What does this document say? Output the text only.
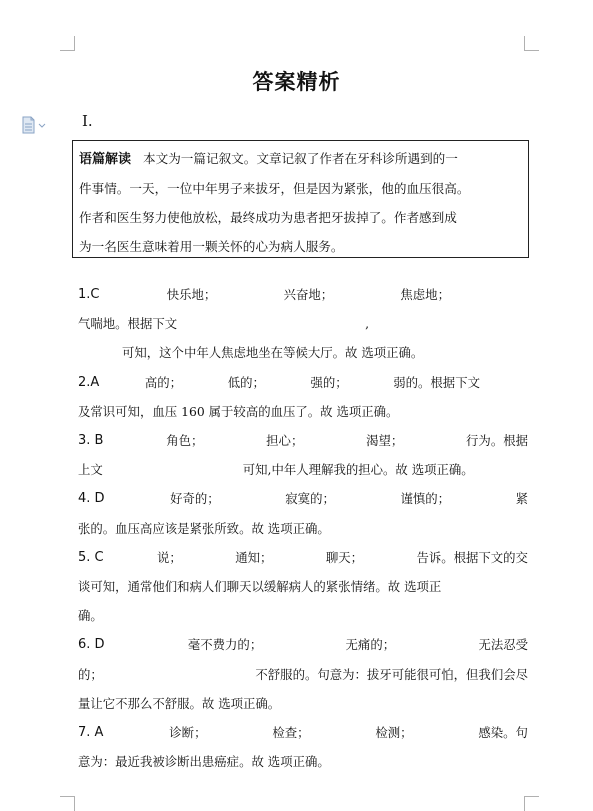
答案精析
Ⅰ.
语篇解读 本文为一篇记叙文。文章记叙了作者在牙科诊所遇到的一
件事情。一天，一位中年男子来拔牙，但是因为紧张，他的血压很高。
作者和医生努力使他放松，最终成功为患者把牙拔掉了。作者感到成
为一名医生意味着用一颗关怀的心为病人服务。
1.C	快乐地；	兴奋地；	焦虑地；
气喘地。根据下文	,
可知，这个中年人焦虑地坐在等候大厅。故 选项正确。
2.A	高的；	低的；	强的；	弱的。根据下文
及常识可知，血压 160 属于较高的血压了。故 选项正确。
3. B	角色；	担心；	渴望；	行为。根据
上文	可知,中年人理解我的担心。故 选项正确。
4. D	好奇的；	寂寞的；	谨慎的；	紧
张的。血压高应该是紧张所致。故 选项正确。
5. C	说；	通知；	聊天；	告诉。根据下文的交
谈可知，通常他们和病人们聊天以缓解病人的紧张情绪。故 选项正
确。
6. D	毫不费力的；	无痛的；	无法忍受
的；	不舒服的。句意为：拔牙可能很可怕，但我们会尽
量让它不那么不舒服。故 选项正确。
7. A	诊断；	检查；	检测；	感染。句
意为：最近我被诊断出患癌症。故 选项正确。
